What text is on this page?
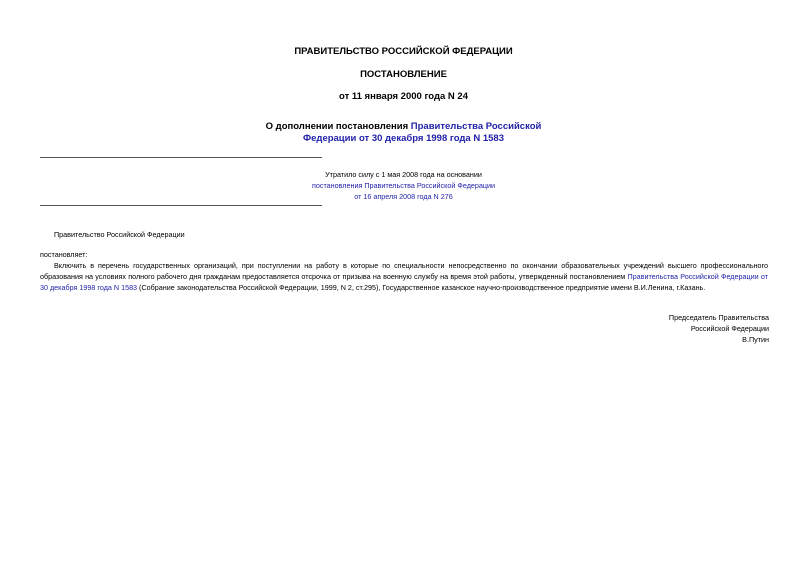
ПРАВИТЕЛЬСТВО РОССИЙСКОЙ ФЕДЕРАЦИИ
ПОСТАНОВЛЕНИЕ
от 11 января 2000 года N 24
О дополнении постановления Правительства Российской
Федерации от 30 декабря 1998 года N 1583
Утратило силу с 1 мая 2008 года на основании
постановления Правительства Российской Федерации
от 16 апреля 2008 года N 276
Правительство Российской Федерации
постановляет:
Включить в перечень государственных организаций, при поступлении на работу в которые по специальности непосредственно по окончании образовательных учреждений высшего профессионального образования на условиях полного рабочего дня гражданам предоставляется отсрочка от призыва на военную службу на время этой работы, утвержденный постановлением Правительства Российской Федерации от 30 декабря 1998 года N 1583 (Собрание законодательства Российской Федерации, 1999, N 2, ст.295), Государственное казанское научно-производственное предприятие имени В.И.Ленина, г.Казань.
Председатель Правительства
Российской Федерации
В.Путин
